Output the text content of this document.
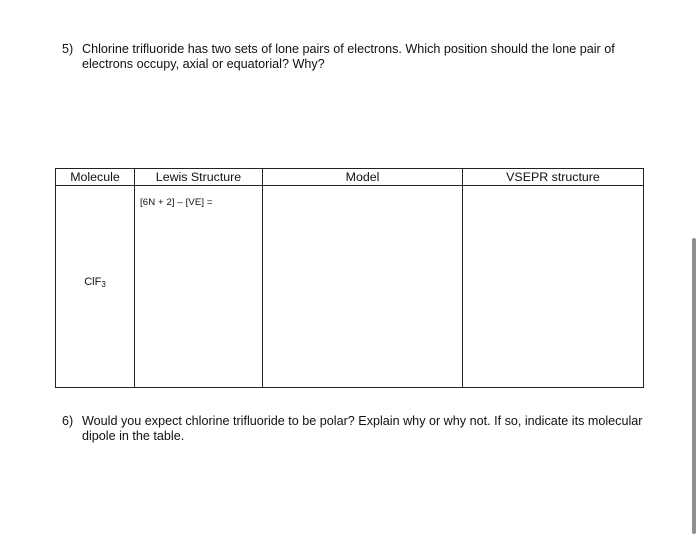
5) Chlorine trifluoride has two sets of lone pairs of electrons. Which position should the lone pair of electrons occupy, axial or equatorial? Why?
Molecule	Lewis Structure	Model	VSEPR structure

ClF$_3$	[6N + 2] – [VE] =		

6) Would you expect chlorine trifluoride to be polar? Explain why or why not. If so, indicate its molecular dipole in the table.
